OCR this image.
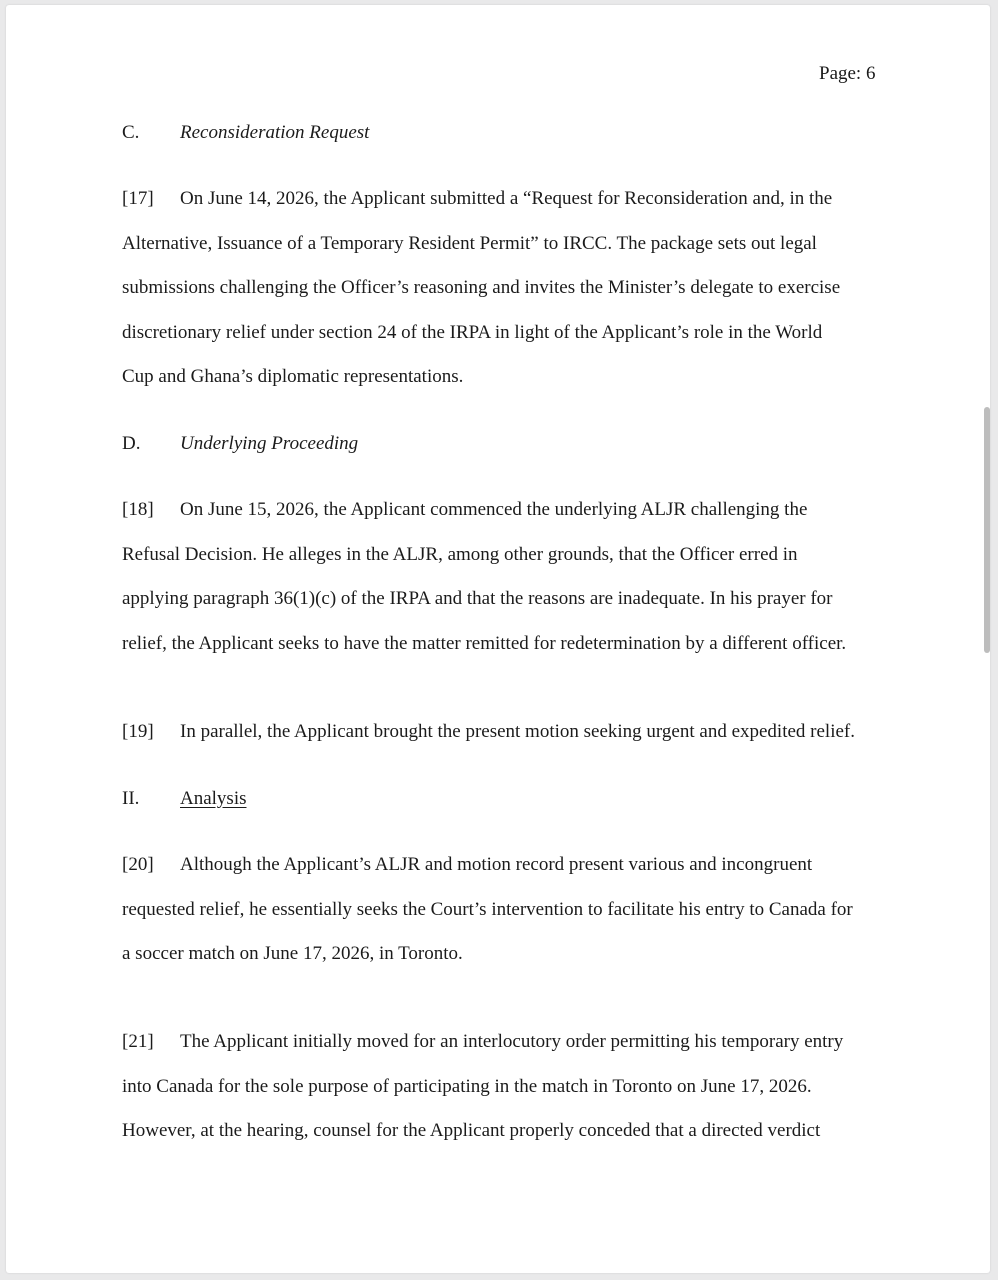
Page: 6
C. Reconsideration Request
[17] On June 14, 2026, the Applicant submitted a “Request for Reconsideration and, in the
Alternative, Issuance of a Temporary Resident Permit” to IRCC. The package sets out legal
submissions challenging the Officer’s reasoning and invites the Minister’s delegate to exercise
discretionary relief under section 24 of the IRPA in light of the Applicant’s role in the World
Cup and Ghana’s diplomatic representations.
D. Underlying Proceeding
[18] On June 15, 2026, the Applicant commenced the underlying ALJR challenging the
Refusal Decision. He alleges in the ALJR, among other grounds, that the Officer erred in
applying paragraph 36(1)(c) of the IRPA and that the reasons are inadequate. In his prayer for
relief, the Applicant seeks to have the matter remitted for redetermination by a different officer.
[19] In parallel, the Applicant brought the present motion seeking urgent and expedited relief.
II. Analysis
[20] Although the Applicant’s ALJR and motion record present various and incongruent
requested relief, he essentially seeks the Court’s intervention to facilitate his entry to Canada for
a soccer match on June 17, 2026, in Toronto.
[21] The Applicant initially moved for an interlocutory order permitting his temporary entry
into Canada for the sole purpose of participating in the match in Toronto on June 17, 2026.
However, at the hearing, counsel for the Applicant properly conceded that a directed verdict
